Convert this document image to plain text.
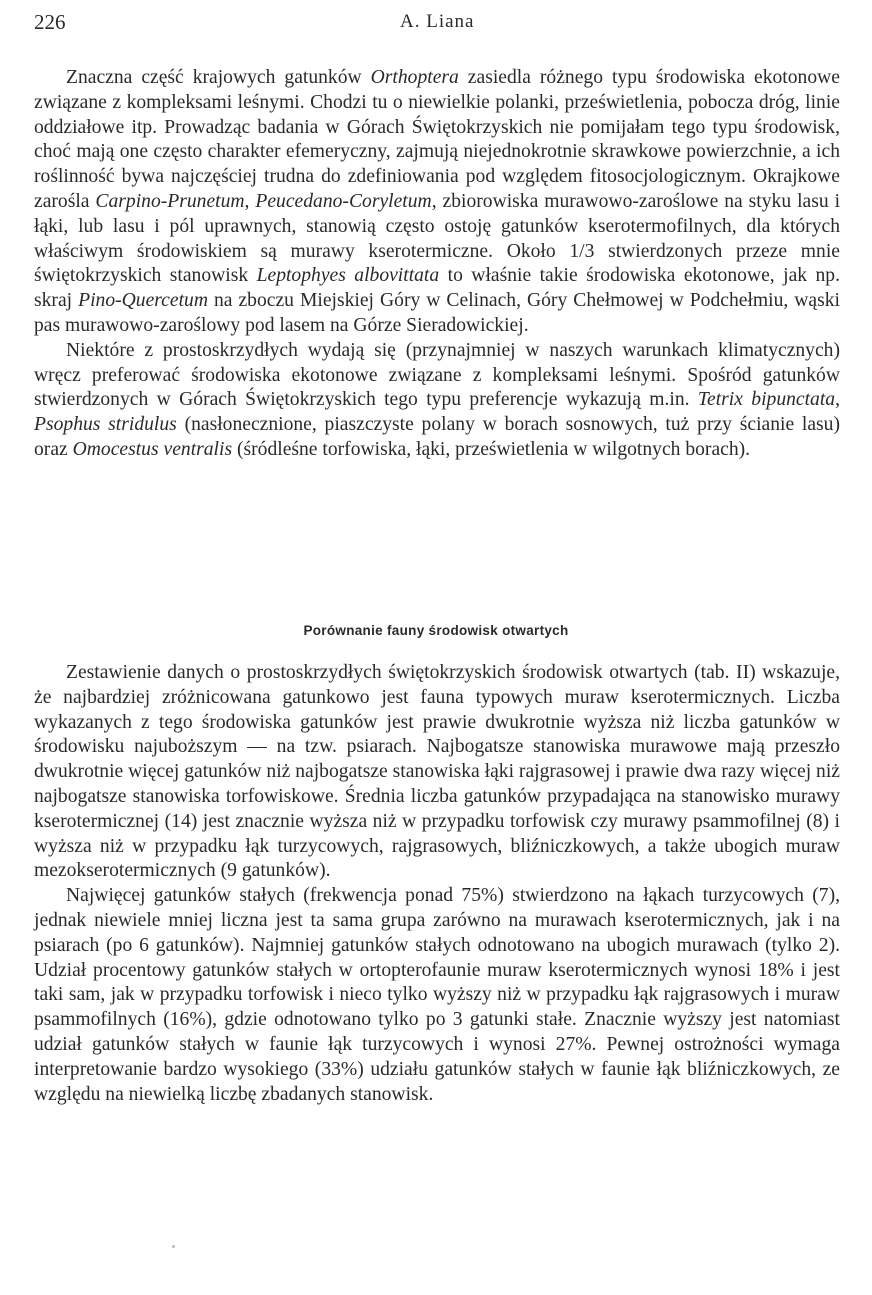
226	A. Liana

Znaczna część krajowych gatunków Orthoptera zasiedla różnego typu środowiska ekotonowe związane z kompleksami leśnymi. Chodzi tu o niewielkie polanki, prześwietlenia, pobocza dróg, linie oddziałowe itp. Prowadząc badania w Górach Świętokrzyskich nie pomijałam tego typu środowisk, choć mają one często charakter efemeryczny, zajmują niejednokrotnie skrawkowe powierzchnie, a ich roślinność bywa najczęściej trudna do zdefiniowania pod względem fitosocjologicznym. Okrajkowe zarośla Carpino-Prunetum, Peucedano-Coryletum, zbiorowiska murawowo-zaroślowe na styku lasu i łąki, lub lasu i pól uprawnych, stanowią często ostoję gatunków kserotermofilnych, dla których właściwym środowiskiem są murawy kserotermiczne. Około 1/3 stwierdzonych przeze mnie świętokrzyskich stanowisk Leptophyes albovittata to właśnie takie środowiska ekotonowe, jak np. skraj Pino-Quercetum na zboczu Miejskiej Góry w Celinach, Góry Chełmowej w Podchełmiu, wąski pas murawowo-zaroślowy pod lasem na Górze Sieradowickiej.

Niektóre z prostoskrzydłych wydają się (przynajmniej w naszych warunkach klimatycznych) wręcz preferować środowiska ekotonowe związane z kompleksami leśnymi. Spośród gatunków stwierdzonych w Górach Świętokrzyskich tego typu preferencje wykazują m.in. Tetrix bipunctata, Psophus stridulus (nasłonecznione, piaszczyste polany w borach sosnowych, tuż przy ścianie lasu) oraz Omocestus ventralis (śródleśne torfowiska, łąki, prześwietlenia w wilgotnych borach).

Porównanie fauny środowisk otwartych

Zestawienie danych o prostoskrzydłych świętokrzyskich środowisk otwartych (tab. II) wskazuje, że najbardziej zróżnicowana gatunkowo jest fauna typowych muraw kserotermicznych. Liczba wykazanych z tego środowiska gatunków jest prawie dwukrotnie wyższa niż liczba gatunków w środowisku najuboższym — na tzw. psiarach. Najbogatsze stanowiska murawowe mają przeszło dwukrotnie więcej gatunków niż najbogatsze stanowiska łąki rajgrasowej i prawie dwa razy więcej niż najbogatsze stanowiska torfowiskowe. Średnia liczba gatunków przypadająca na stanowisko murawy kserotermicznej (14) jest znacznie wyższa niż w przypadku torfowisk czy murawy psammofilnej (8) i wyższa niż w przypadku łąk turzycowych, rajgrasowych, bliźniczkowych, a także ubogich muraw mezokserotermicznych (9 gatunków).

Najwięcej gatunków stałych (frekwencja ponad 75%) stwierdzono na łąkach turzycowych (7), jednak niewiele mniej liczna jest ta sama grupa zarówno na murawach kserotermicznych, jak i na psiarach (po 6 gatunków). Najmniej gatunków stałych odnotowano na ubogich murawach (tylko 2). Udział procentowy gatunków stałych w ortopterofaunie muraw kserotermicznych wynosi 18% i jest taki sam, jak w przypadku torfowisk i nieco tylko wyższy niż w przypadku łąk rajgrasowych i muraw psammofilnych (16%), gdzie odnotowano tylko po 3 gatunki stałe. Znacznie wyższy jest natomiast udział gatunków stałych w faunie łąk turzycowych i wynosi 27%. Pewnej ostrożności wymaga interpretowanie bardzo wysokiego (33%) udziału gatunków stałych w faunie łąk bliźniczkowych, ze względu na niewielką liczbę zbadanych stanowisk.
